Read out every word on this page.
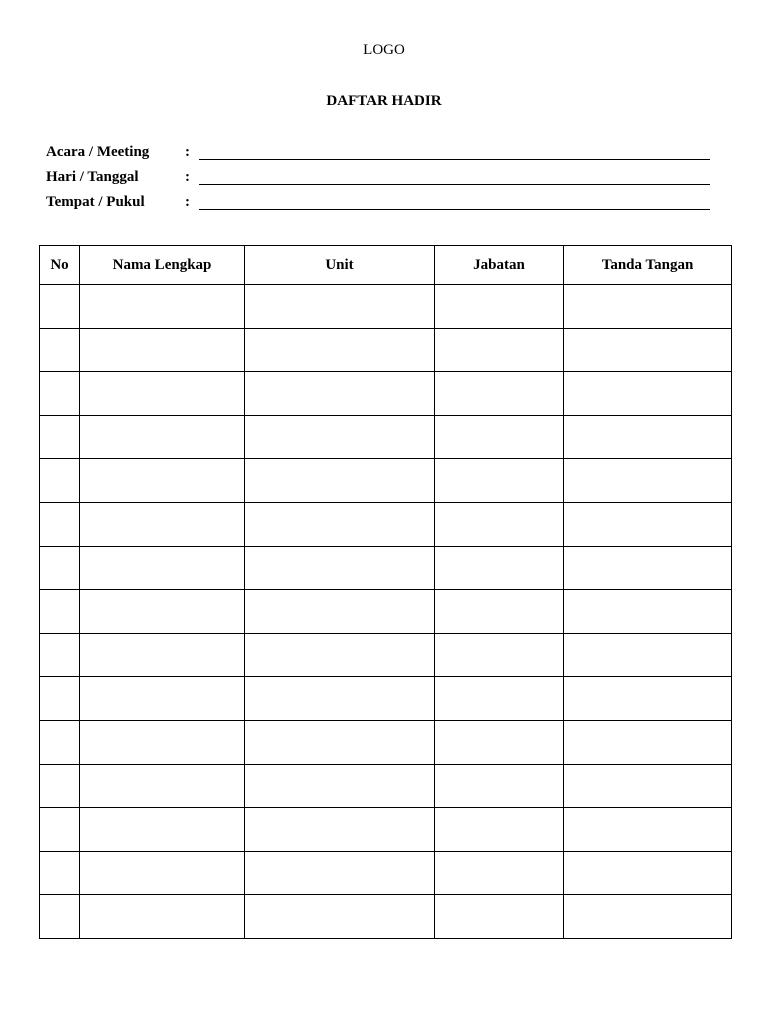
LOGO
DAFTAR HADIR
Acara / Meeting :
Hari / Tanggal	:
Tempat / Pukul	:
No	Nama Lengkap	Unit	Jabatan	Tanda Tangan
